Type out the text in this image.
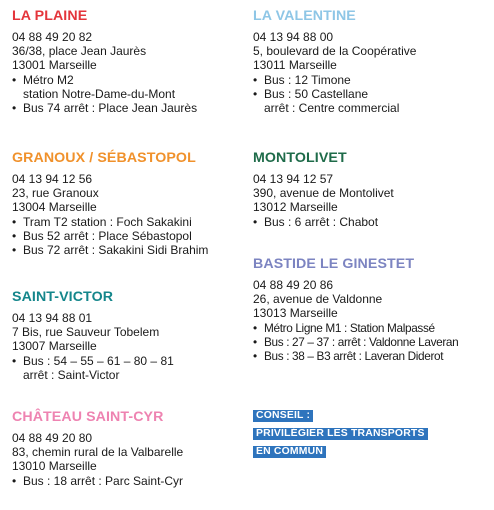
LA PLAINE
04 88 49 20 82
36/38, place Jean Jaurès
13001 Marseille
• Métro M2
station Notre-Dame-du-Mont
• Bus 74 arrêt : Place Jean Jaurès
GRANOUX / SÉBASTOPOL
04 13 94 12 56
23, rue Granoux
13004 Marseille
• Tram T2 station : Foch Sakakini
• Bus 52 arrêt : Place Sébastopol
• Bus 72 arrêt : Sakakini Sidi Brahim
SAINT-VICTOR
04 13 94 88 01
7 Bis, rue Sauveur Tobelem
13007 Marseille
• Bus : 54 – 55 – 61 – 80 – 81
arrêt : Saint-Victor
CHÂTEAU SAINT-CYR
04 88 49 20 80
83, chemin rural de la Valbarelle
13010 Marseille
• Bus : 18 arrêt : Parc Saint-Cyr
LA VALENTINE
04 13 94 88 00
5, boulevard de la Coopérative
13011 Marseille
• Bus : 12 Timone
• Bus : 50 Castellane
arrêt : Centre commercial
MONTOLIVET
04 13 94 12 57
390, avenue de Montolivet
13012 Marseille
• Bus : 6 arrêt : Chabot
BASTIDE LE GINESTET
04 88 49 20 86
26, avenue de Valdonne
13013 Marseille
• Métro Ligne M1 : Station Malpassé
• Bus : 27 – 37 : arrêt : Valdonne Laveran
• Bus : 38 – B3 arrêt : Laveran Diderot
CONSEIL :
PRIVILÉGIER LES TRANSPORTS
EN COMMUN
